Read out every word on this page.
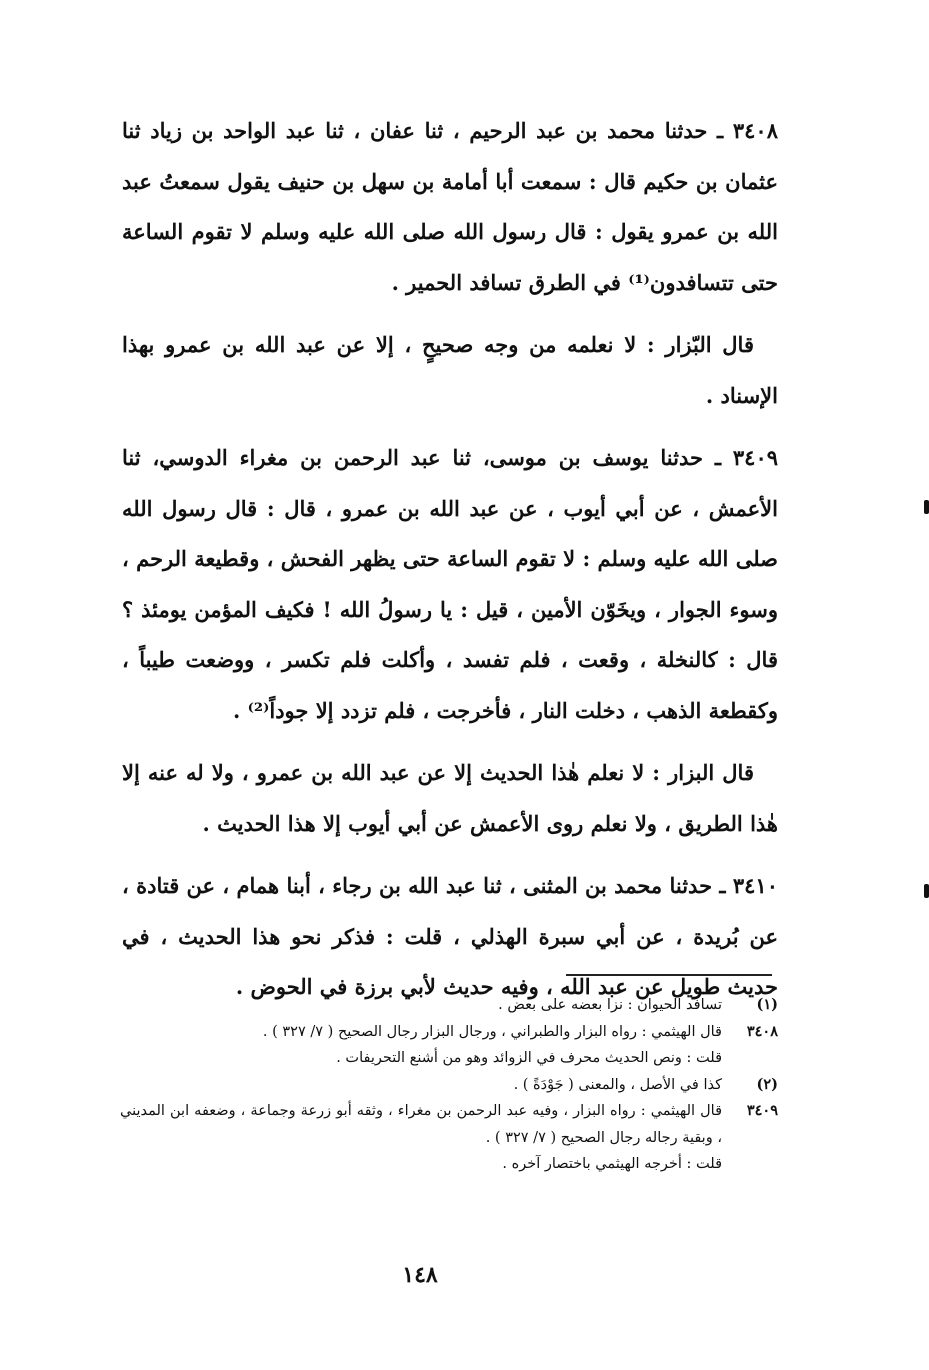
٣٤٠٨ ـ حدثنا محمد بن عبد الرحيم ، ثنا عفان ، ثنا عبد الواحد بن زياد ثنا عثمان بن حكيم قال : سمعت أبا أمامة بن سهل بن حنيف يقول سمعتُ عبد الله بن عمرو يقول : قال رسول الله صلى الله عليه وسلم لا تقوم الساعة حتى تتسافدون⁽¹⁾ في الطرق تسافد الحمير .

قال البّزار : لا نعلمه من وجه صحيحٍ ، إلا عن عبد الله بن عمرو بهذا الإسناد .

٣٤٠٩ ـ حدثنا يوسف بن موسى، ثنا عبد الرحمن بن مغراء الدوسي، ثنا الأعمش ، عن أبي أيوب ، عن عبد الله بن عمرو ، قال : قال رسول الله صلى الله عليه وسلم : لا تقوم الساعة حتى يظهر الفحش ، وقطيعة الرحم ، وسوء الجوار ، ويخَوّن الأمين ، قيل : يا رسولُ الله ! فكيف المؤمن يومئذ ؟ قال : كالنخلة ، وقعت ، فلم تفسد ، وأكلت فلم تكسر ، ووضعت طيباً ، وكقطعة الذهب ، دخلت النار ، فأخرجت ، فلم تزدد إلا جوداً⁽²⁾ .

قال البزار : لا نعلم هٰذا الحديث إلا عن عبد الله بن عمرو ، ولا له عنه إلا هٰذا الطريق ، ولا نعلم روى الأعمش عن أبي أيوب إلا هذا الحديث .

٣٤١٠ ـ حدثنا محمد بن المثنى ، ثنا عبد الله بن رجاء ، أبنا همام ، عن قتادة ، عن بُريدة ، عن أبي سبرة الهذلي ، قلت : فذكر نحو هذا الحديث ، في حديث طويل عن عبد الله ، وفيه حديث لأبي برزة في الحوض .

(١)
تسافد الحيوان : نزا بعضه على بعض .
٣٤٠٨
قال الهيثمي : رواه البزار والطبراني ، ورجال البزار رجال الصحيح ( ٧/ ٣٢٧ ) .
قلت : ونص الحديث محرف في الزوائد وهو من أشنع التحريفات .
(٢)
كذا في الأصل ، والمعنى ( جَوْدَةً ) .
٣٤٠٩
قال الهيثمي : رواه البزار ، وفيه عبد الرحمن بن مغراء ، وثقه أبو زرعة وجماعة ، وضعفه ابن المديني ، وبقية رجاله رجال الصحيح ( ٧/ ٣٢٧ ) .
قلت : أخرجه الهيثمي باختصار آخره .
١٤٨
